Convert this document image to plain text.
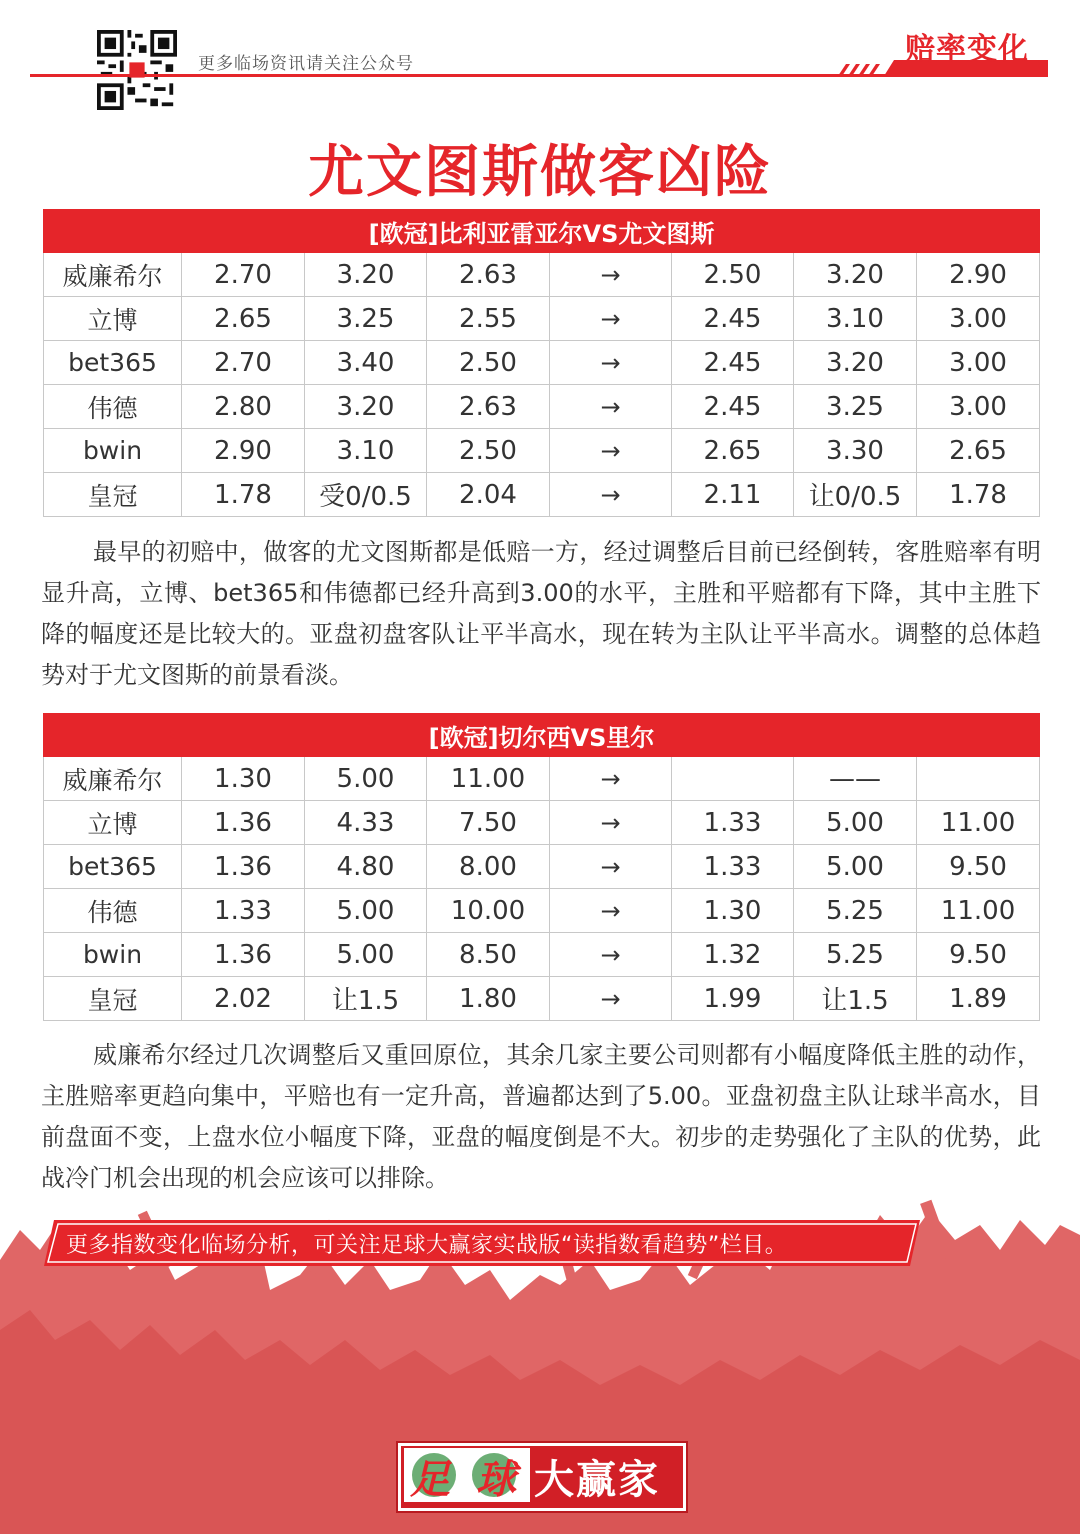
更多临场资讯请关注公众号	赔率变化
尤文图斯做客凶险
[欧冠]比利亚雷亚尔VS尤文图斯							
威廉希尔	2.70	3.20	2.63	→	2.50	3.20	2.90
立博	2.65	3.25	2.55	→	2.45	3.10	3.00
bet365	2.70	3.40	2.50	→	2.45	3.20	3.00
伟德	2.80	3.20	2.63	→	2.45	3.25	3.00
bwin	2.90	3.10	2.50	→	2.65	3.30	2.65
皇冠	1.78	受0/0.5	2.04	→	2.11	让0/0.5	1.78

最早的初赔中，做客的尤文图斯都是低赔一方，经过调整后目前已经倒转，客胜赔率有明显升高，立博、bet365和伟德都已经升高到3.00的水平，主胜和平赔都有下降，其中主胜下降的幅度还是比较大的。亚盘初盘客队让平半高水，现在转为主队让平半高水。调整的总体趋势对于尤文图斯的前景看淡。

[欧冠]切尔西VS里尔							
威廉希尔	1.30	5.00	11.00	→		——	
立博	1.36	4.33	7.50	→	1.33	5.00	11.00
bet365	1.36	4.80	8.00	→	1.33	5.00	9.50
伟德	1.33	5.00	10.00	→	1.30	5.25	11.00
bwin	1.36	5.00	8.50	→	1.32	5.25	9.50
皇冠	2.02	让1.5	1.80	→	1.99	让1.5	1.89

威廉希尔经过几次调整后又重回原位，其余几家主要公司则都有小幅度降低主胜的动作，主胜赔率更趋向集中，平赔也有一定升高，普遍都达到了5.00。亚盘初盘主队让球半高水，目前盘面不变，上盘水位小幅度下降，亚盘的幅度倒是不大。初步的走势强化了主队的优势，此战冷门机会出现的机会应该可以排除。

更多指数变化临场分析，可关注足球大赢家实战版“读指数看趋势”栏目。
足球
大赢家
